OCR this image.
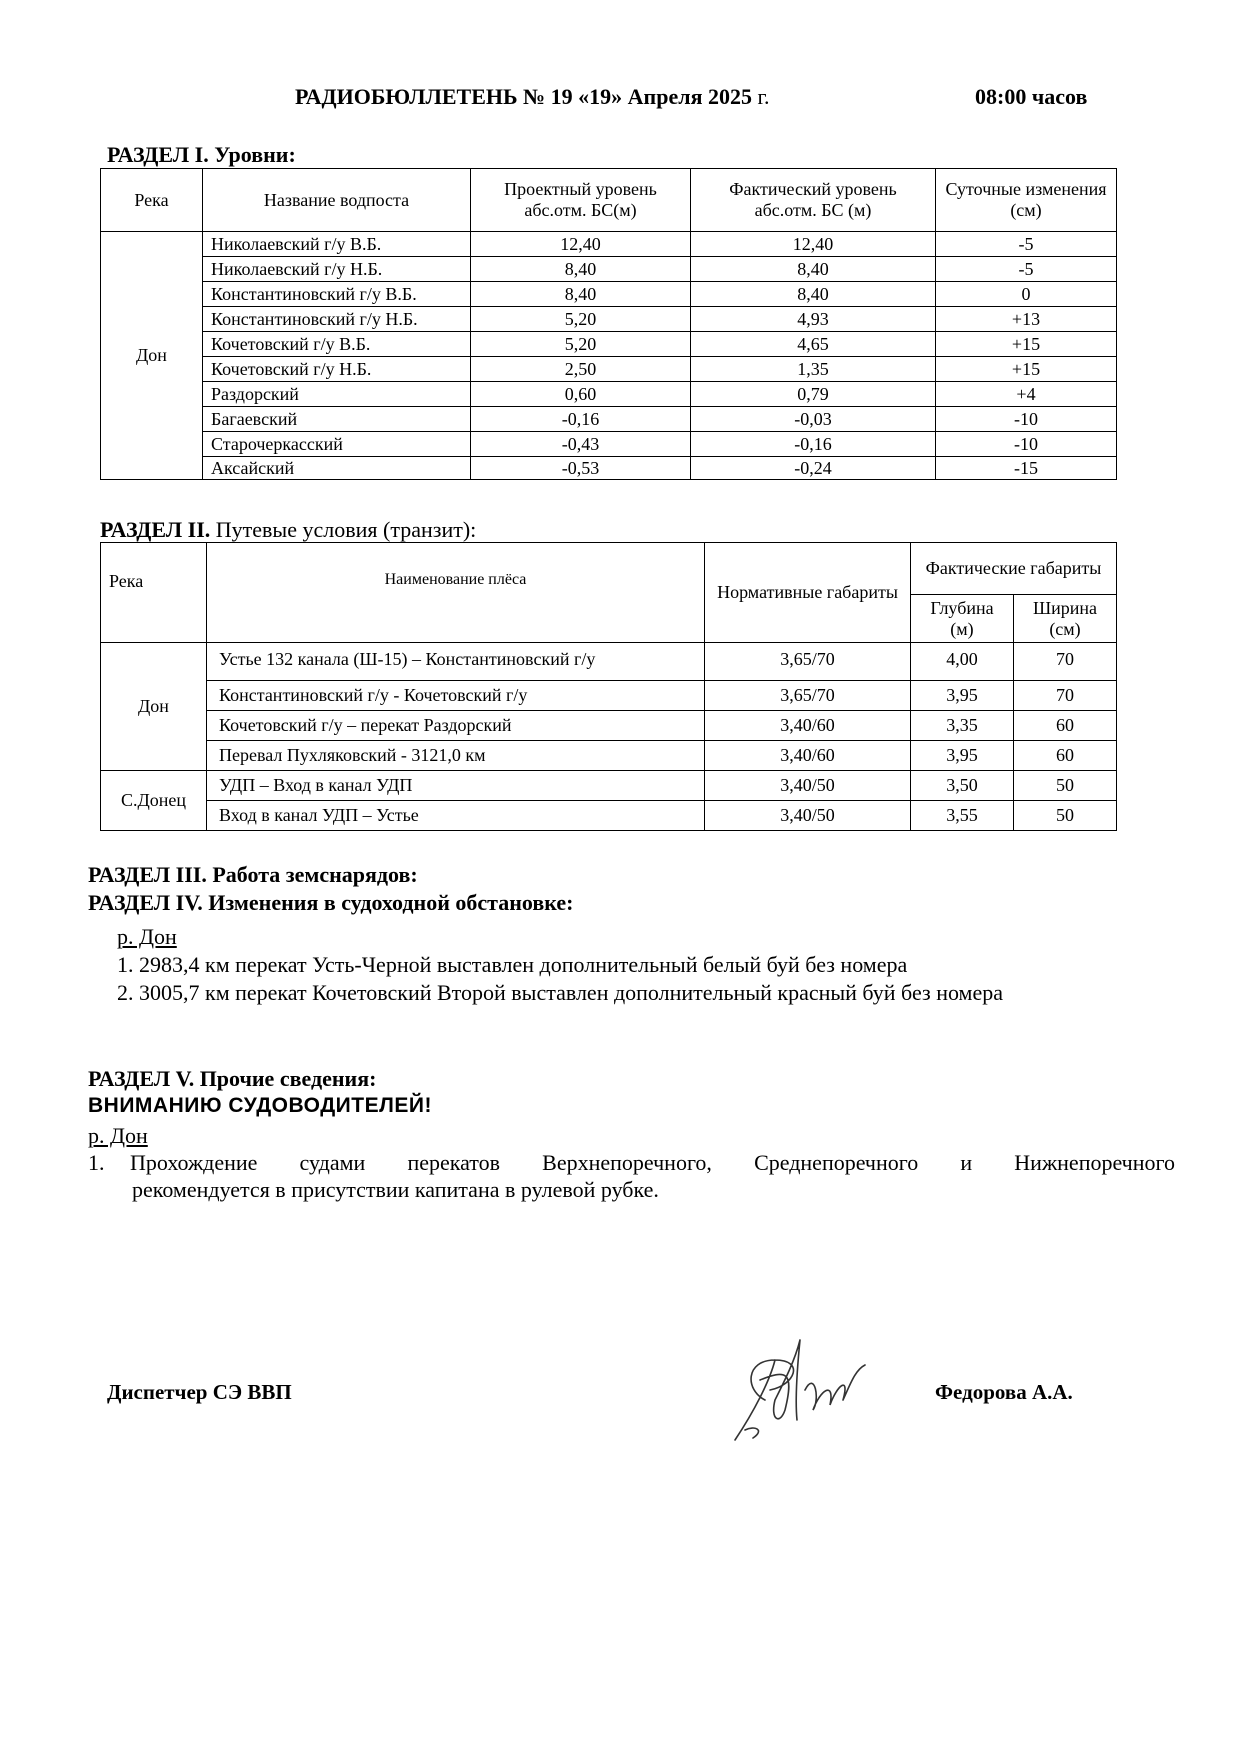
РАДИОБЮЛЛЕТЕНЬ № 19 «19» Апреля 2025 г.	08:00 часов
РАЗДЕЛ I. Уровни:
Река	Название водпоста	Проектный уровень абс.отм. БС(м)	Фактический уровень абс.отм. БС (м)	Суточные изменения (см)
Дон	Николаевский г/у В.Б.	12,40	12,40	-5
	Николаевский г/у Н.Б.	8,40	8,40	-5
	Константиновский г/у В.Б.	8,40	8,40	0
	Константиновский г/у Н.Б.	5,20	4,93	+13
	Кочетовский г/у В.Б.	5,20	4,65	+15
	Кочетовский г/у Н.Б.	2,50	1,35	+15
	Раздорский	0,60	0,79	+4
	Багаевский	-0,16	-0,03	-10
	Старочеркасский	-0,43	-0,16	-10
	Аксайский	-0,53	-0,24	-15
РАЗДЕЛ II. Путевые условия (транзит):
Река	Наименование плёса	Нормативные габариты	Фактические габариты	
			Глубина (м)	Ширина (см)
Дон	Устье 132 канала (Ш-15) – Константиновский г/у	3,65/70	4,00	70
	Константиновский г/у - Кочетовский г/у	3,65/70	3,95	70
	Кочетовский г/у – перекат Раздорский	3,40/60	3,35	60
	Перевал Пухляковский - 3121,0 км	3,40/60	3,95	60
С.Донец	УДП – Вход в канал УДП	3,40/50	3,50	50
	Вход в канал УДП – Устье	3,40/50	3,55	50
РАЗДЕЛ III. Работа земснарядов:
РАЗДЕЛ IV. Изменения в судоходной обстановке:
р. Дон
1. 2983,4 км перекат Усть-Черной выставлен дополнительный белый буй без номера
2. 3005,7 км перекат Кочетовский Второй выставлен дополнительный красный буй без номера
РАЗДЕЛ V. Прочие сведения:
ВНИМАНИЮ СУДОВОДИТЕЛЕЙ!
р. Дон
1.	Прохождение судами перекатов Верхнепоречного, Среднепоречного и Нижнепоречного
рекомендуется в присутствии капитана в рулевой рубке.
Диспетчер СЭ ВВП	Федорова А.А.
